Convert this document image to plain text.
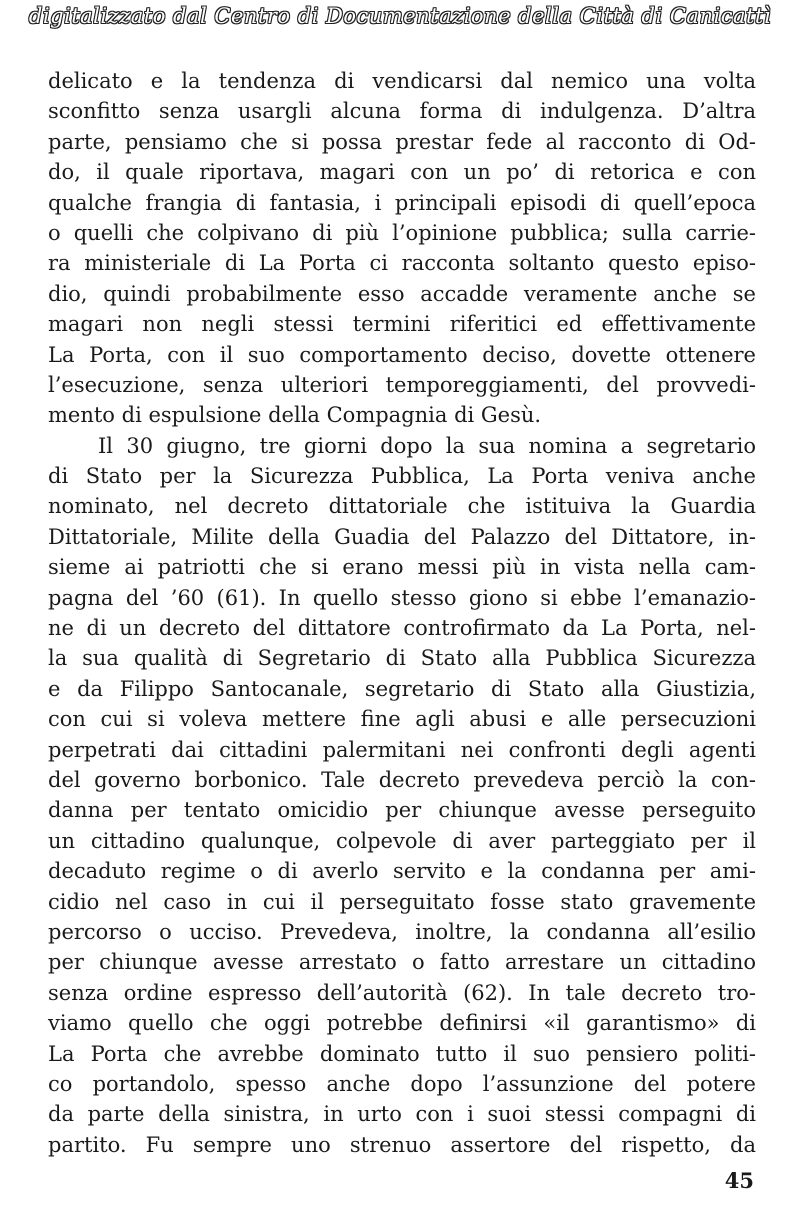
digitalizzato dal Centro di Documentazione della Città di Canicattì
delicato e la tendenza di vendicarsi dal nemico una volta
sconfitto senza usargli alcuna forma di indulgenza. D’altra
parte, pensiamo che si possa prestar fede al racconto di Od-
do, il quale riportava, magari con un po’ di retorica e con
qualche frangia di fantasia, i principali episodi di quell’epoca
o quelli che colpivano di più l’opinione pubblica; sulla carrie-
ra ministeriale di La Porta ci racconta soltanto questo episo-
dio, quindi probabilmente esso accadde veramente anche se
magari non negli stessi termini riferitici ed effettivamente
La Porta, con il suo comportamento deciso, dovette ottenere
l’esecuzione, senza ulteriori temporeggiamenti, del provvedi-
mento di espulsione della Compagnia di Gesù.
Il 30 giugno, tre giorni dopo la sua nomina a segretario
di Stato per la Sicurezza Pubblica, La Porta veniva anche
nominato, nel decreto dittatoriale che istituiva la Guardia
Dittatoriale, Milite della Guadia del Palazzo del Dittatore, in-
sieme ai patriotti che si erano messi più in vista nella cam-
pagna del ’60 (61). In quello stesso giono si ebbe l’emanazio-
ne di un decreto del dittatore controfirmato da La Porta, nel-
la sua qualità di Segretario di Stato alla Pubblica Sicurezza
e da Filippo Santocanale, segretario di Stato alla Giustizia,
con cui si voleva mettere fine agli abusi e alle persecuzioni
perpetrati dai cittadini palermitani nei confronti degli agenti
del governo borbonico. Tale decreto prevedeva perciò la con-
danna per tentato omicidio per chiunque avesse perseguito
un cittadino qualunque, colpevole di aver parteggiato per il
decaduto regime o di averlo servito e la condanna per ami-
cidio nel caso in cui il perseguitato fosse stato gravemente
percorso o ucciso. Prevedeva, inoltre, la condanna all’esilio
per chiunque avesse arrestato o fatto arrestare un cittadino
senza ordine espresso dell’autorità (62). In tale decreto tro-
viamo quello che oggi potrebbe definirsi «il garantismo» di
La Porta che avrebbe dominato tutto il suo pensiero politi-
co portandolo, spesso anche dopo l’assunzione del potere
da parte della sinistra, in urto con i suoi stessi compagni di
partito. Fu sempre uno strenuo assertore del rispetto, da
45
